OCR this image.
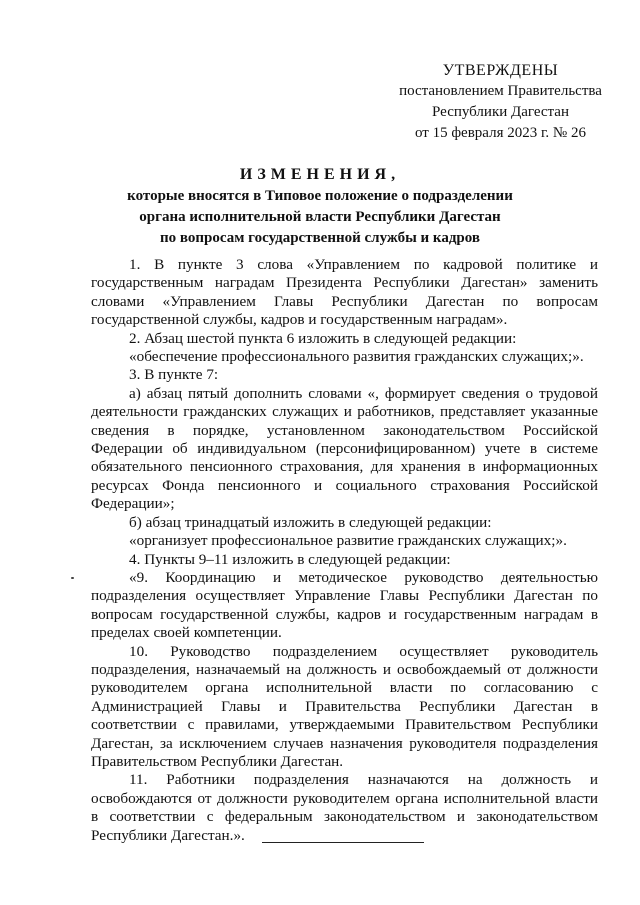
УТВЕРЖДЕНЫ
постановлением Правительства
Республики Дагестан
от 15 февраля 2023 г. № 26
ИЗМЕНЕНИЯ,
которые вносятся в Типовое положение о подразделении
органа исполнительной власти Республики Дагестан
по вопросам государственной службы и кадров

1. В пункте 3 слова «Управлением по кадровой политике и государственным наградам Президента Республики Дагестан» заменить словами «Управлением Главы Республики Дагестан по вопросам государственной службы, кадров и государственным наградам».

2. Абзац шестой пункта 6 изложить в следующей редакции:

«обеспечение профессионального развития гражданских служащих;».

3. В пункте 7:

а) абзац пятый дополнить словами «, формирует сведения о трудовой деятельности гражданских служащих и работников, представляет указанные сведения в порядке, установленном законодательством Российской Федерации об индивидуальном (персонифицированном) учете в системе обязательного пенсионного страхования, для хранения в информационных ресурсах Фонда пенсионного и социального страхования Российской Федерации»;

б) абзац тринадцатый изложить в следующей редакции:

«организует профессиональное развитие гражданских служащих;».

4. Пункты 9–11 изложить в следующей редакции:

«9. Координацию и методическое руководство деятельностью подразделения осуществляет Управление Главы Республики Дагестан по вопросам государственной службы, кадров и государственным наградам в пределах своей компетенции.

10. Руководство подразделением осуществляет руководитель подразделения, назначаемый на должность и освобождаемый от должности руководителем органа исполнительной власти по согласованию с Администрацией Главы и Правительства Республики Дагестан в соответствии с правилами, утверждаемыми Правительством Республики Дагестан, за исключением случаев назначения руководителя подразделения Правительством Республики Дагестан.

11. Работники подразделения назначаются на должность и освобождаются от должности руководителем органа исполнительной власти в соответствии с федеральным законодательством и законодательством Республики Дагестан.».
